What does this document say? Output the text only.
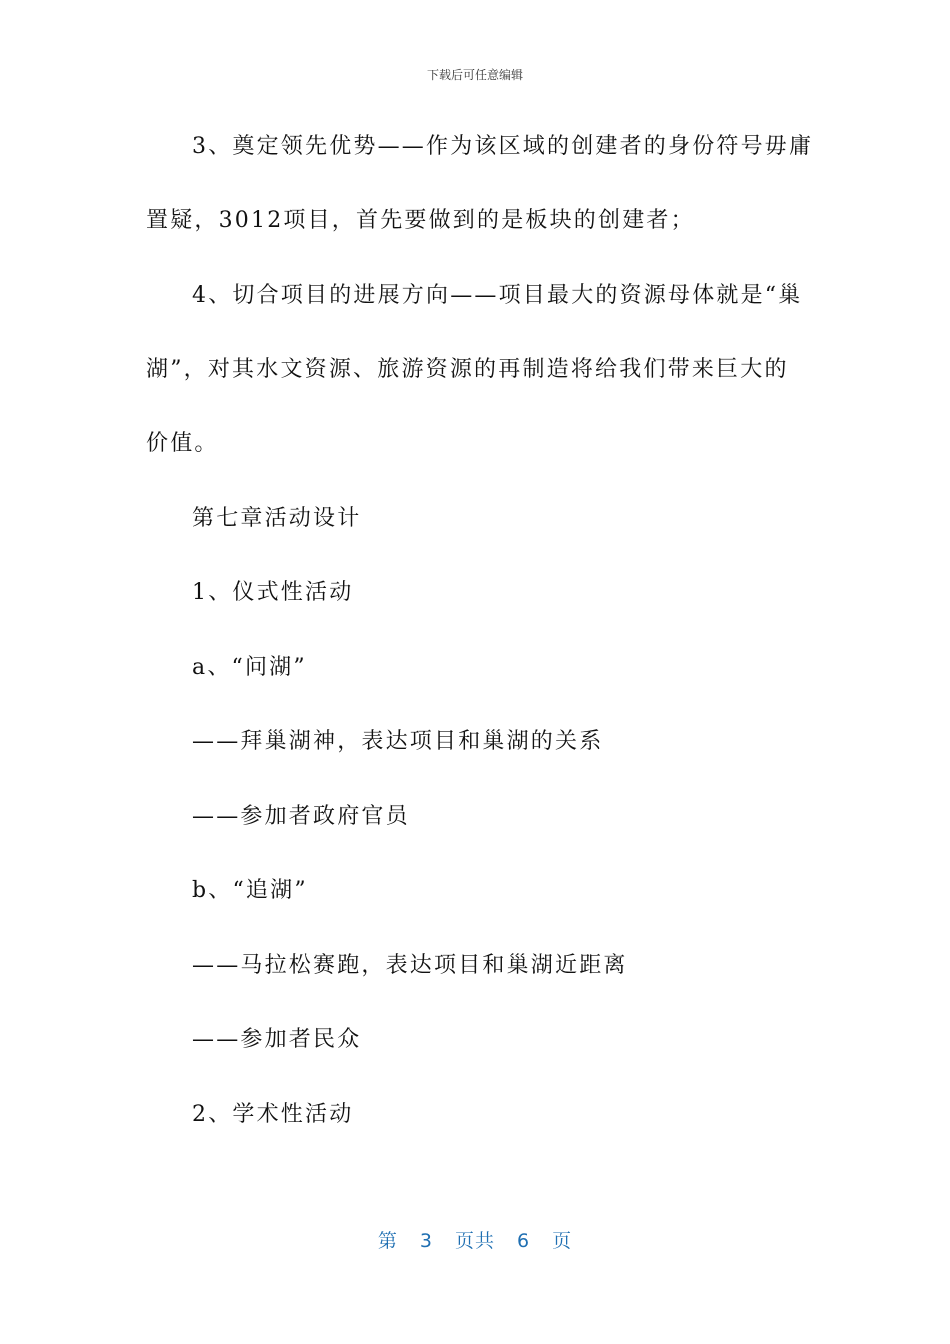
下载后可任意编辑
3、奠定领先优势——作为该区域的创建者的身份符号毋庸
置疑，3012项目，首先要做到的是板块的创建者；
4、切合项目的进展方向——项目最大的资源母体就是“巢
湖”，对其水文资源、旅游资源的再制造将给我们带来巨大的
价值。
第七章活动设计
1、仪式性活动
a、“问湖”
——拜巢湖神，表达项目和巢湖的关系
——参加者政府官员
b、“追湖”
——马拉松赛跑，表达项目和巢湖近距离
——参加者民众
2、学术性活动
第 3 页共 6 页
